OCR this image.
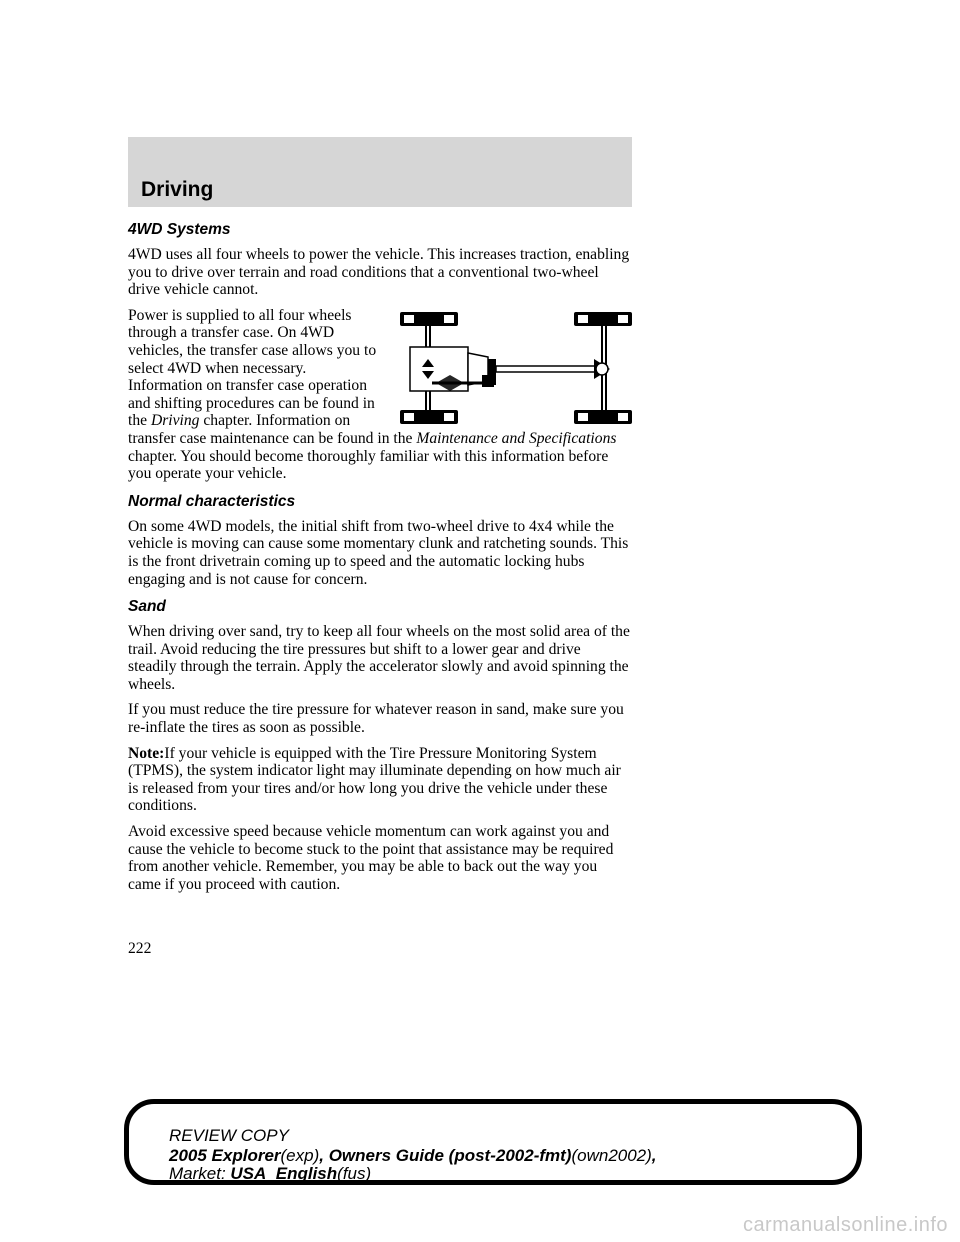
Driving
4WD Systems

4WD uses all four wheels to power the vehicle. This increases traction, enabling you to drive over terrain and road conditions that a conventional two-wheel drive vehicle cannot.

Power is supplied to all four wheels through a transfer case. On 4WD vehicles, the transfer case allows you to select 4WD when necessary. Information on transfer case operation and shifting procedures can be found in the Driving chapter. Information on transfer case maintenance can be found in the Maintenance and Specifications chapter. You should become thoroughly familiar with this information before you operate your vehicle.

Normal characteristics

On some 4WD models, the initial shift from two-wheel drive to 4x4 while the vehicle is moving can cause some momentary clunk and ratcheting sounds. This is the front drivetrain coming up to speed and the automatic locking hubs engaging and is not cause for concern.

Sand

When driving over sand, try to keep all four wheels on the most solid area of the trail. Avoid reducing the tire pressures but shift to a lower gear and drive steadily through the terrain. Apply the accelerator slowly and avoid spinning the wheels.

If you must reduce the tire pressure for whatever reason in sand, make sure you re-inflate the tires as soon as possible.

Note:If your vehicle is equipped with the Tire Pressure Monitoring System (TPMS), the system indicator light may illuminate depending on how much air is released from your tires and/or how long you drive the vehicle under these conditions.

Avoid excessive speed because vehicle momentum can work against you and cause the vehicle to become stuck to the point that assistance may be required from another vehicle. Remember, you may be able to back out the way you came if you proceed with caution.

222
REVIEW COPY
2005 Explorer(exp), Owners Guide (post-2002-fmt)(own2002),
Market: USA_English(fus)
carmanualsonline.info
